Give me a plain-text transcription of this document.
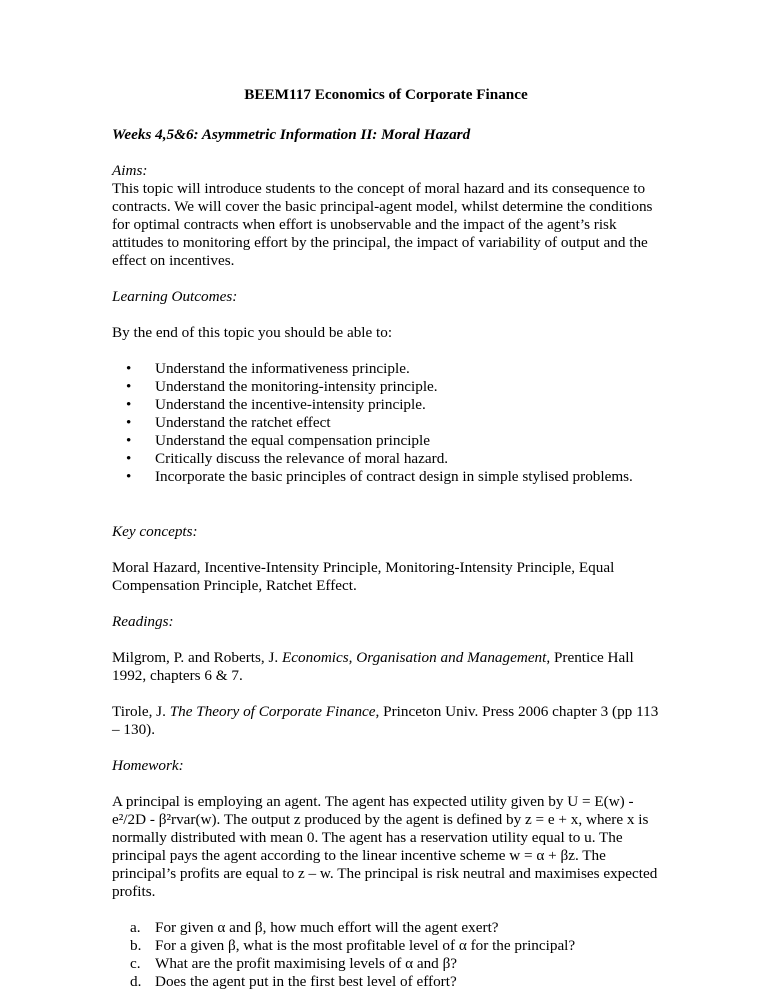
BEEM117 Economics of Corporate Finance
Weeks 4,5&6: Asymmetric Information II: Moral Hazard
Aims:
This topic will introduce students to the concept of moral hazard and its consequence to contracts. We will cover the basic principal-agent model, whilst determine the conditions for optimal contracts when effort is unobservable and the impact of the agent’s risk attitudes to monitoring effort by the principal, the impact of variability of output and the effect on incentives.
Learning Outcomes:

By the end of this topic you should be able to:

• Understand the informativeness principle.
• Understand the monitoring-intensity principle.
• Understand the incentive-intensity principle.
• Understand the ratchet effect
• Understand the equal compensation principle
• Critically discuss the relevance of moral hazard.
• Incorporate the basic principles of contract design in simple stylised problems.
Key concepts:

Moral Hazard, Incentive-Intensity Principle, Monitoring-Intensity Principle, Equal Compensation Principle, Ratchet Effect.

Readings:

Milgrom, P. and Roberts, J. Economics, Organisation and Management, Prentice Hall 1992, chapters 6 & 7.

Tirole, J. The Theory of Corporate Finance, Princeton Univ. Press 2006 chapter 3 (pp 113 – 130).

Homework:

A principal is employing an agent. The agent has expected utility given by U = E(w) - e²/2D - β²rvar(w). The output z produced by the agent is defined by z = e + x, where x is normally distributed with mean 0. The agent has a reservation utility equal to u. The principal pays the agent according to the linear incentive scheme w = α + βz. The principal’s profits are equal to z – w. The principal is risk neutral and maximises expected profits.

a. For given α and β, how much effort will the agent exert?
b. For a given β, what is the most profitable level of α for the principal?
c. What are the profit maximising levels of α and β?
d. Does the agent put in the first best level of effort?
